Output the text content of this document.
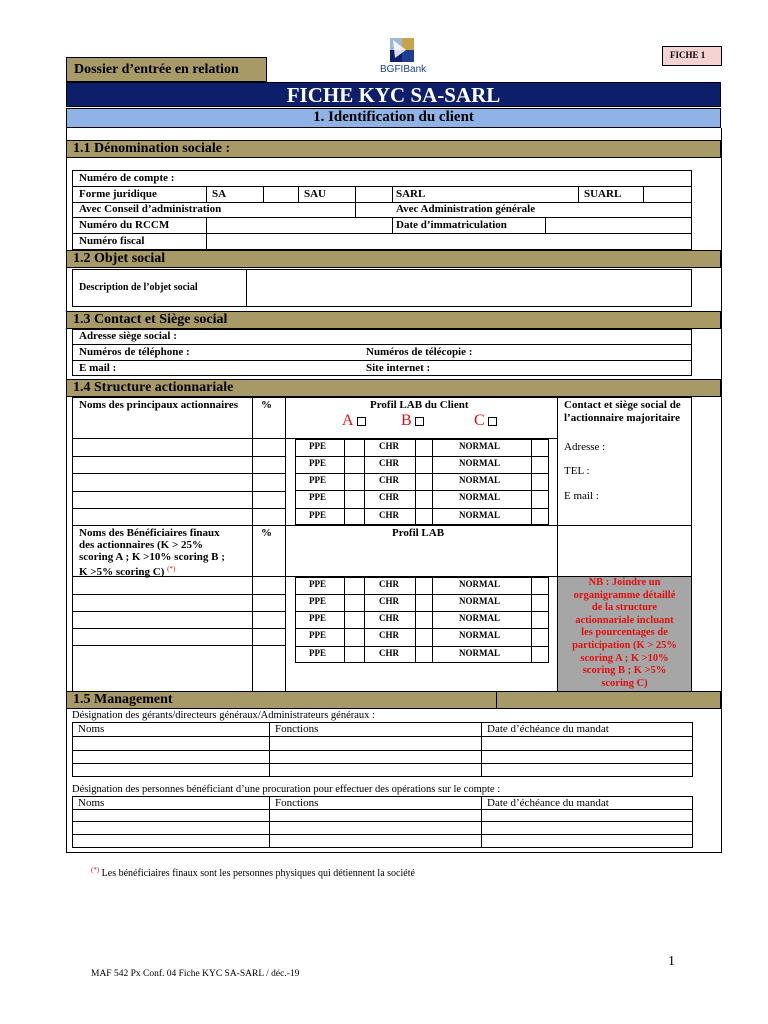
Dossier d’entrée en relation	BGFIBank
FICHE 1
FICHE KYC SA-SARL
1. Identification du client
1.1 Dénomination sociale :
Numéro de compte :
Forme juridique	SA	SAU	SARL	SUARL
Avec Conseil d’administration	Avec Administration générale
Numéro du RCCM	Date d’immatriculation
Numéro fiscal
1.2 Objet social
Description de l’objet social
1.3 Contact et Siège social
Adresse siège social :
Numéros de téléphone :	Numéros de télécopie :
E mail :	Site internet :
1.4 Structure actionnariale
Noms des principaux actionnaires %	Profil LAB du Client
A	B	C
Contact et siège social de l’actionnaire majoritaire
Adresse :
TEL :
E mail :
PPE	CHR	NORMAL
PPE	CHR	NORMAL
PPE	CHR	NORMAL
PPE	CHR	NORMAL
PPE	CHR	NORMAL
Noms des Bénéficiaires finaux
des actionnaires (K > 25%
scoring A ; K >10% scoring B ;
K >5% scoring C) (*)
%	Profil LAB
PPE	CHR	NORMAL
PPE	CHR	NORMAL
PPE	CHR	NORMAL
PPE	CHR	NORMAL
PPE	CHR	NORMAL
NB : Joindre un
organigramme détaillé
de la structure
actionnariale incluant
les pourcentages de
participation (K > 25%
scoring A ; K >10%
scoring B ; K >5%
scoring C)
1.5 Management
Désignation des gérants/directeurs généraux/Administrateurs généraux :
Noms	Fonctions	Date d’échéance du mandat
Désignation des personnes bénéficiant d’une procuration pour effectuer des opérations sur le compte :
Noms	Fonctions	Date d’échéance du mandat
(*) Les bénéficiaires finaux sont les personnes physiques qui détiennent la société
1
MAF 542 Px Conf. 04 Fiche KYC SA-SARL / déc.-19
